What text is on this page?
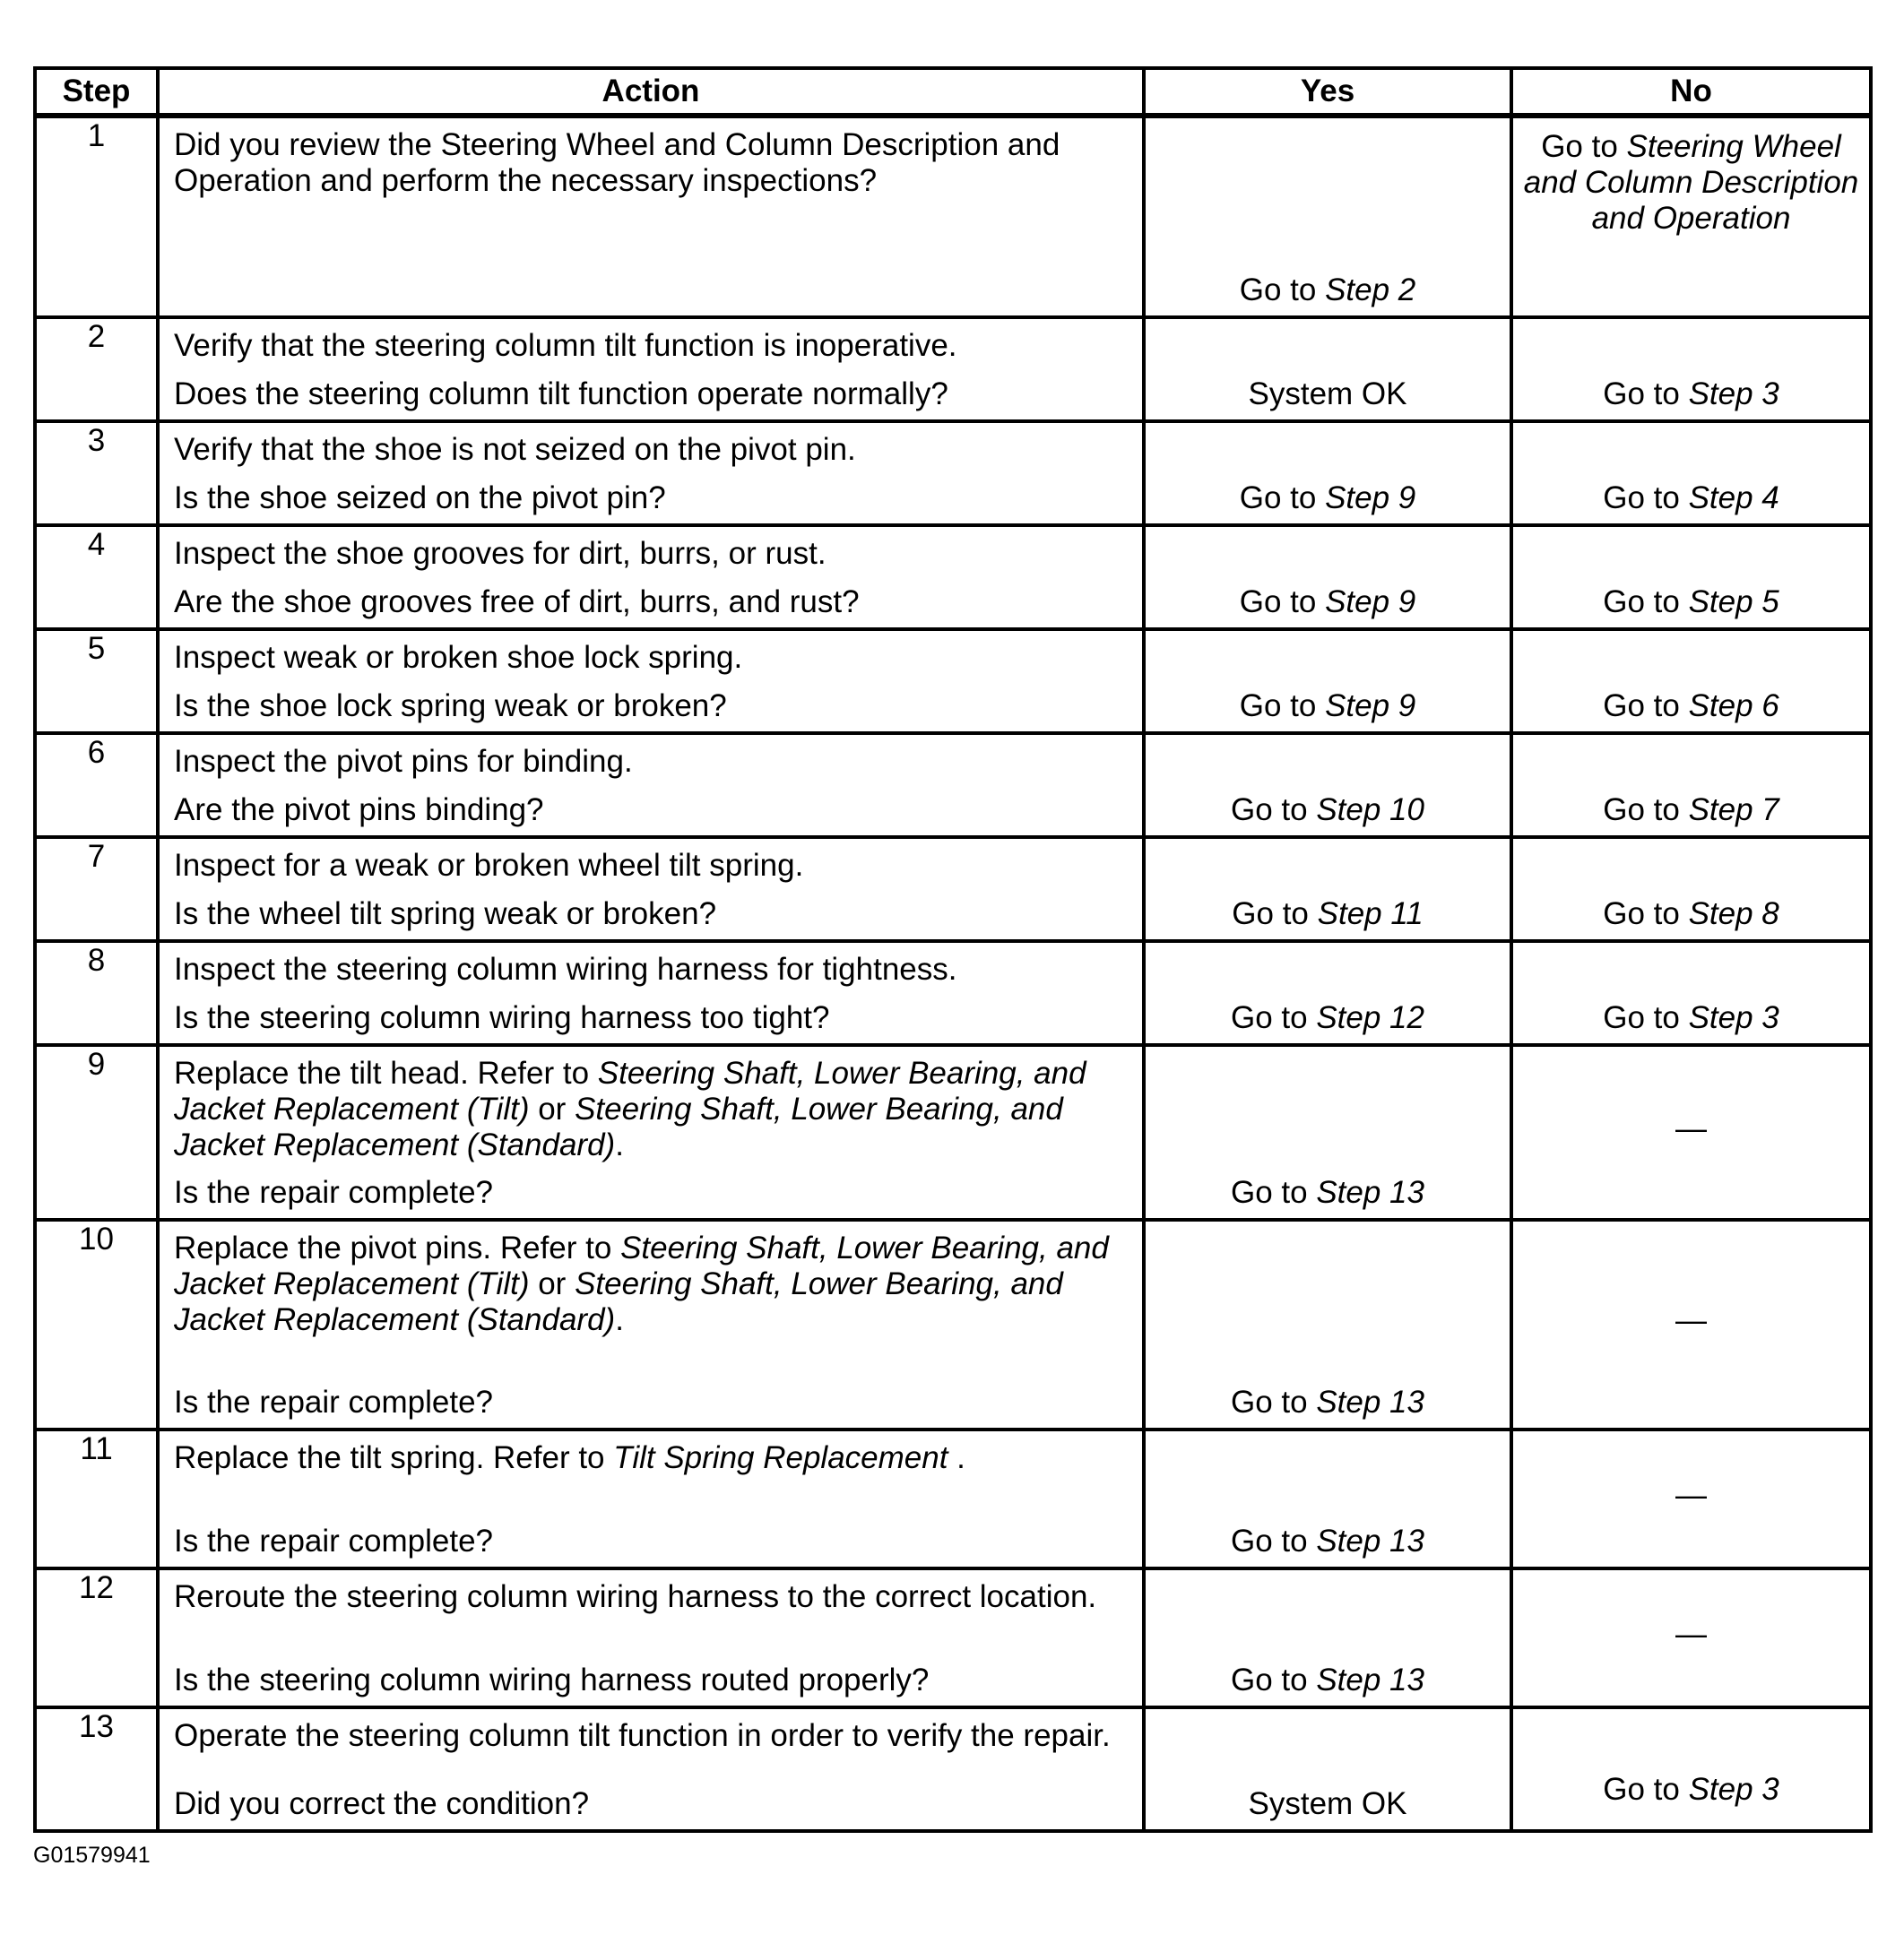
Step	Action	Yes	No
1	Did you review the Steering Wheel and Column Description and Operation and perform the necessary inspections?	Go to Step 2	Go to Steering Wheel and Column Description and Operation

2	Verify that the steering column tilt function is inoperative.
Does the steering column tilt function operate normally?	System OK	Go to Step 3

3	Verify that the shoe is not seized on the pivot pin.
Is the shoe seized on the pivot pin?	Go to Step 9	Go to Step 4

4	Inspect the shoe grooves for dirt, burrs, or rust.
Are the shoe grooves free of dirt, burrs, and rust?	Go to Step 9	Go to Step 5

5	Inspect weak or broken shoe lock spring.
Is the shoe lock spring weak or broken?	Go to Step 9	Go to Step 6

6	Inspect the pivot pins for binding.
Are the pivot pins binding?	Go to Step 10	Go to Step 7

7	Inspect for a weak or broken wheel tilt spring.
Is the wheel tilt spring weak or broken?	Go to Step 11	Go to Step 8

8	Inspect the steering column wiring harness for tightness.
Is the steering column wiring harness too tight?	Go to Step 12	Go to Step 3

9	Replace the tilt head. Refer to Steering Shaft, Lower Bearing, and Jacket Replacement (Tilt) or Steering Shaft, Lower Bearing, and Jacket Replacement (Standard).
Is the repair complete?	Go to Step 13	—

10	Replace the pivot pins. Refer to Steering Shaft, Lower Bearing, and Jacket Replacement (Tilt) or Steering Shaft, Lower Bearing, and Jacket Replacement (Standard).
Is the repair complete?	Go to Step 13	—

11	Replace the tilt spring. Refer to Tilt Spring Replacement .
Is the repair complete?	Go to Step 13	—

12	Reroute the steering column wiring harness to the correct location.
Is the steering column wiring harness routed properly?	Go to Step 13	—

13	Operate the steering column tilt function in order to verify the repair.
Did you correct the condition?	System OK	Go to Step 3
G01579941
